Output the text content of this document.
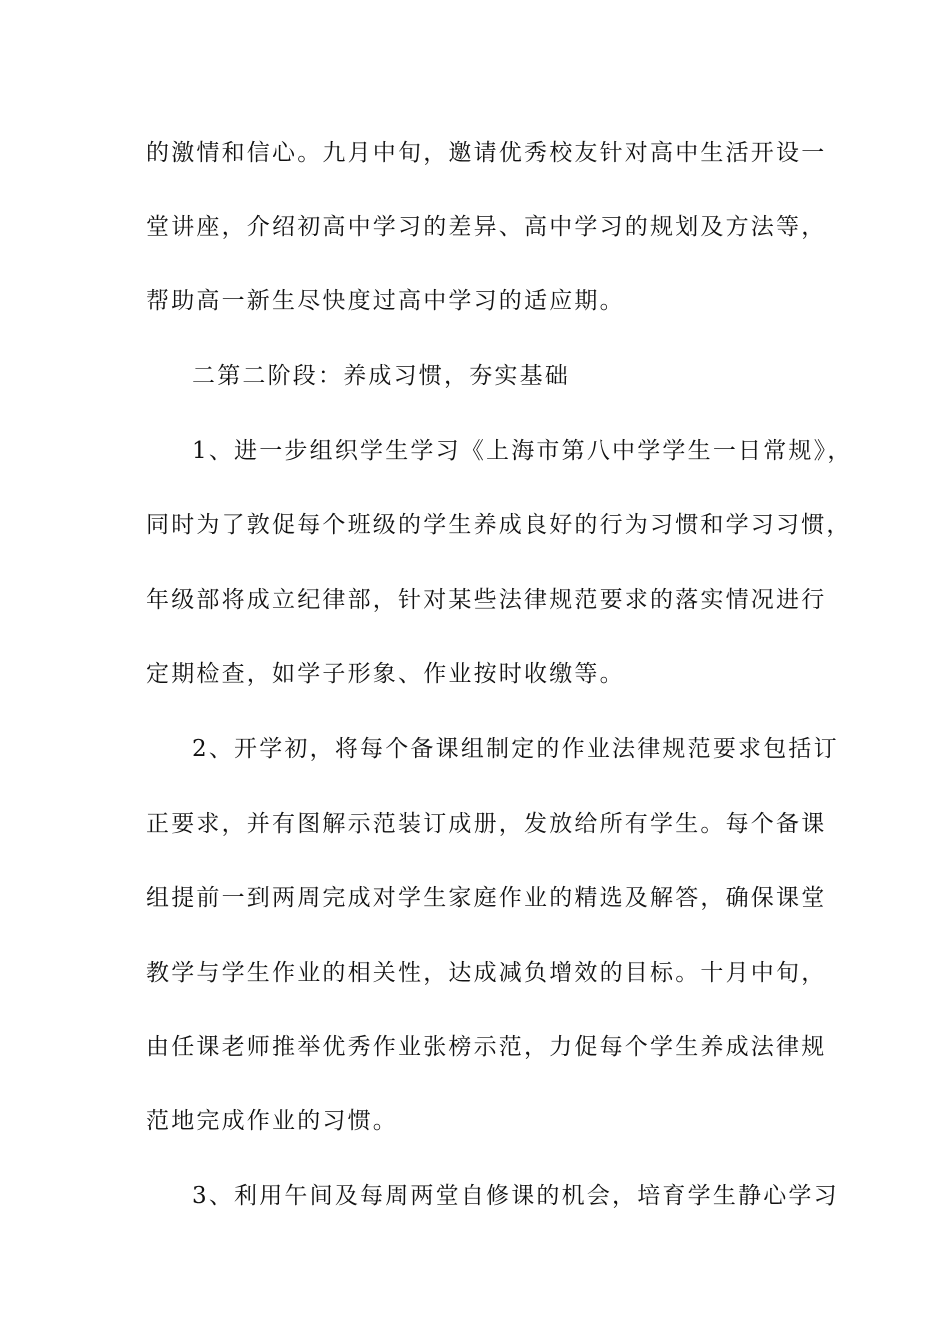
的激情和信心。九月中旬，邀请优秀校友针对高中生活开设一
堂讲座，介绍初高中学习的差异、高中学习的规划及方法等，
帮助高一新生尽快度过高中学习的适应期。
二第二阶段：养成习惯，夯实基础
1、进一步组织学生学习《上海市第八中学学生一日常规》，
同时为了敦促每个班级的学生养成良好的行为习惯和学习习惯，
年级部将成立纪律部，针对某些法律规范要求的落实情况进行
定期检查，如学子形象、作业按时收缴等。
2、开学初，将每个备课组制定的作业法律规范要求包括订
正要求，并有图解示范装订成册，发放给所有学生。每个备课
组提前一到两周完成对学生家庭作业的精选及解答，确保课堂
教学与学生作业的相关性，达成减负增效的目标。十月中旬，
由任课老师推举优秀作业张榜示范，力促每个学生养成法律规
范地完成作业的习惯。
3、利用午间及每周两堂自修课的机会，培育学生静心学习
